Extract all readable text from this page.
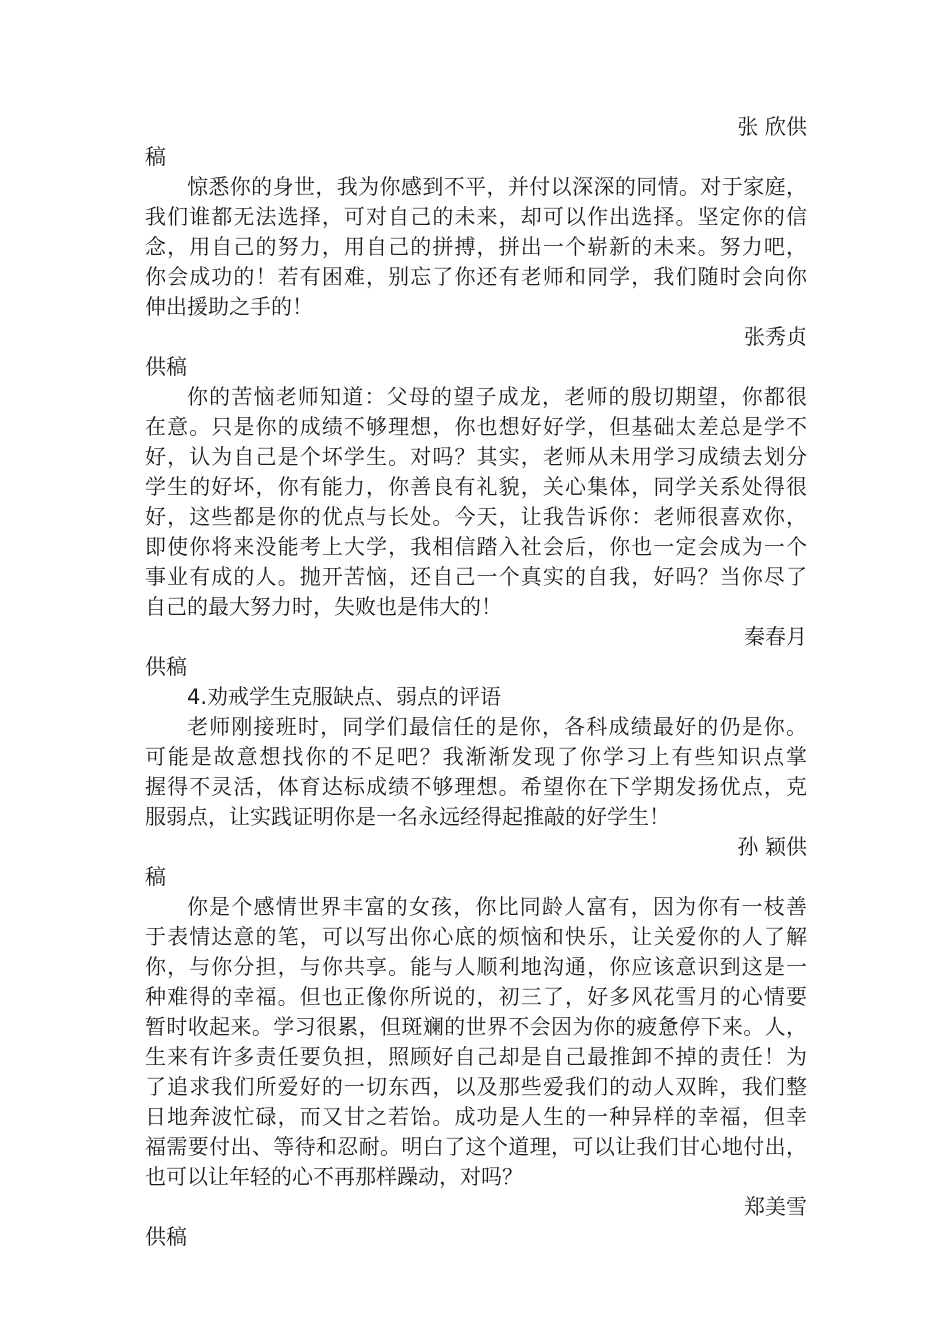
张 欣供
稿
惊悉你的身世，我为你感到不平，并付以深深的同情。对于家庭，
我们谁都无法选择，可对自己的未来，却可以作出选择。坚定你的信
念，用自己的努力，用自己的拼搏，拼出一个崭新的未来。努力吧，
你会成功的！若有困难，别忘了你还有老师和同学，我们随时会向你
伸出援助之手的！
张秀贞
供稿
你的苦恼老师知道：父母的望子成龙，老师的殷切期望，你都很
在意。只是你的成绩不够理想，你也想好好学，但基础太差总是学不
好，认为自己是个坏学生。对吗？其实，老师从未用学习成绩去划分
学生的好坏，你有能力，你善良有礼貌，关心集体，同学关系处得很
好，这些都是你的优点与长处。今天，让我告诉你：老师很喜欢你，
即使你将来没能考上大学，我相信踏入社会后，你也一定会成为一个
事业有成的人。抛开苦恼，还自己一个真实的自我，好吗？当你尽了
自己的最大努力时，失败也是伟大的！
秦春月
供稿
4.劝戒学生克服缺点、弱点的评语
老师刚接班时，同学们最信任的是你，各科成绩最好的仍是你。
可能是故意想找你的不足吧？我渐渐发现了你学习上有些知识点掌
握得不灵活，体育达标成绩不够理想。希望你在下学期发扬优点，克
服弱点，让实践证明你是一名永远经得起推敲的好学生！
孙 颖供
稿
你是个感情世界丰富的女孩，你比同龄人富有，因为你有一枝善
于表情达意的笔，可以写出你心底的烦恼和快乐，让关爱你的人了解
你，与你分担，与你共享。能与人顺利地沟通，你应该意识到这是一
种难得的幸福。但也正像你所说的，初三了，好多风花雪月的心情要
暂时收起来。学习很累，但斑斓的世界不会因为你的疲惫停下来。人，
生来有许多责任要负担，照顾好自己却是自己最推卸不掉的责任！为
了追求我们所爱好的一切东西，以及那些爱我们的动人双眸，我们整
日地奔波忙碌，而又甘之若饴。成功是人生的一种异样的幸福，但幸
福需要付出、等待和忍耐。明白了这个道理，可以让我们甘心地付出，
也可以让年轻的心不再那样躁动，对吗？
郑美雪
供稿
